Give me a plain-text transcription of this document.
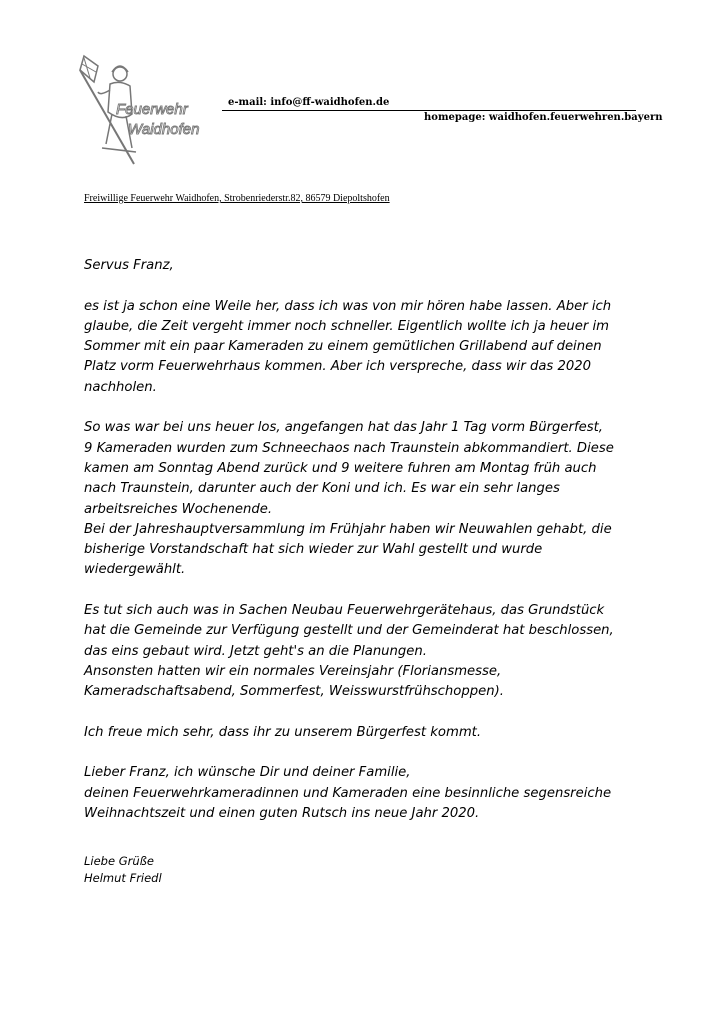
Feuerwehr
Waidhofen
e-mail: info@ff-waidhofen.de
homepage: waidhofen.feuerwehren.bayern
Freiwillige Feuerwehr Waidhofen, Strobenriederstr.82, 86579 Diepoltshofen

Servus Franz,

es ist ja schon eine Weile her, dass ich was von mir hören habe lassen. Aber ich

glaube, die Zeit vergeht immer noch schneller. Eigentlich wollte ich ja heuer im

Sommer mit ein paar Kameraden zu einem gemütlichen Grillabend auf deinen

Platz vorm Feuerwehrhaus kommen. Aber ich verspreche, dass wir das 2020

nachholen.

So was war bei uns heuer los, angefangen hat das Jahr 1 Tag vorm Bürgerfest,

9 Kameraden wurden zum Schneechaos nach Traunstein abkommandiert. Diese

kamen am Sonntag Abend zurück und 9 weitere fuhren am Montag früh auch

nach Traunstein, darunter auch der Koni und ich. Es war ein sehr langes

arbeitsreiches Wochenende.

Bei der Jahreshauptversammlung im Frühjahr haben wir Neuwahlen gehabt, die

bisherige Vorstandschaft hat sich wieder zur Wahl gestellt und wurde

wiedergewählt.

Es tut sich auch was in Sachen Neubau Feuerwehrgerätehaus, das Grundstück

hat die Gemeinde zur Verfügung gestellt und der Gemeinderat hat beschlossen,

das eins gebaut wird. Jetzt geht's an die Planungen.

Ansonsten hatten wir ein normales Vereinsjahr (Floriansmesse,

Kameradschaftsabend, Sommerfest, Weisswurstfrühschoppen).

Ich freue mich sehr, dass ihr zu unserem Bürgerfest kommt.

Lieber Franz, ich wünsche Dir und deiner Familie,

deinen Feuerwehrkameradinnen und Kameraden eine besinnliche segensreiche

Weihnachtszeit und einen guten Rutsch ins neue Jahr 2020.

Liebe Grüße

Helmut Friedl
